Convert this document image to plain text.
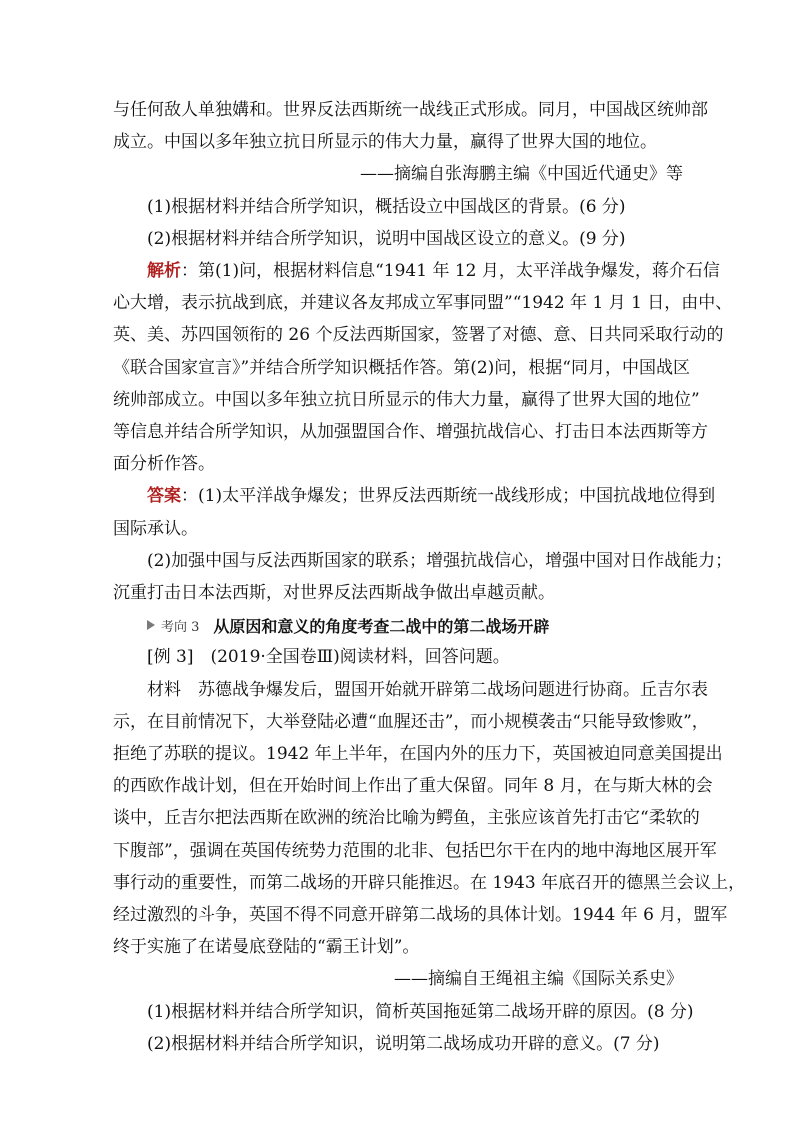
与任何敌人单独媾和。世界反法西斯统一战线正式形成。同月，中国战区统帅部

成立。中国以多年独立抗日所显示的伟大力量，赢得了世界大国的地位。

——摘编自张海鹏主编《中国近代通史》等

(1)根据材料并结合所学知识，概括设立中国战区的背景。(6 分)

(2)根据材料并结合所学知识，说明中国战区设立的意义。(9 分)

解析：第(1)问，根据材料信息“1941 年 12 月，太平洋战争爆发，蒋介石信

心大增，表示抗战到底，并建议各友邦成立军事同盟”“1942 年 1 月 1 日，由中、

英、美、苏四国领衔的 26 个反法西斯国家，签署了对德、意、日共同采取行动的

《联合国家宣言》”并结合所学知识概括作答。第(2)问，根据“同月，中国战区

统帅部成立。中国以多年独立抗日所显示的伟大力量，赢得了世界大国的地位”

等信息并结合所学知识，从加强盟国合作、增强抗战信心、打击日本法西斯等方

面分析作答。

答案：(1)太平洋战争爆发；世界反法西斯统一战线形成；中国抗战地位得到

国际承认。

(2)加强中国与反法西斯国家的联系；增强抗战信心，增强中国对日作战能力；

沉重打击日本法西斯，对世界反法西斯战争做出卓越贡献。

考向 3 从原因和意义的角度考查二战中的第二战场开辟

[例 3]　(2019·全国卷Ⅲ)阅读材料，回答问题。

材料　苏德战争爆发后，盟国开始就开辟第二战场问题进行协商。丘吉尔表

示，在目前情况下，大举登陆必遭“血腥还击”，而小规模袭击“只能导致惨败”，

拒绝了苏联的提议。1942 年上半年，在国内外的压力下，英国被迫同意美国提出

的西欧作战计划，但在开始时间上作出了重大保留。同年 8 月，在与斯大林的会

谈中，丘吉尔把法西斯在欧洲的统治比喻为鳄鱼，主张应该首先打击它“柔软的

下腹部”，强调在英国传统势力范围的北非、包括巴尔干在内的地中海地区展开军

事行动的重要性，而第二战场的开辟只能推迟。在 1943 年底召开的德黑兰会议上，

经过激烈的斗争，英国不得不同意开辟第二战场的具体计划。1944 年 6 月，盟军

终于实施了在诺曼底登陆的“霸王计划”。

——摘编自王绳祖主编《国际关系史》

(1)根据材料并结合所学知识，简析英国拖延第二战场开辟的原因。(8 分)

(2)根据材料并结合所学知识，说明第二战场成功开辟的意义。(7 分)
